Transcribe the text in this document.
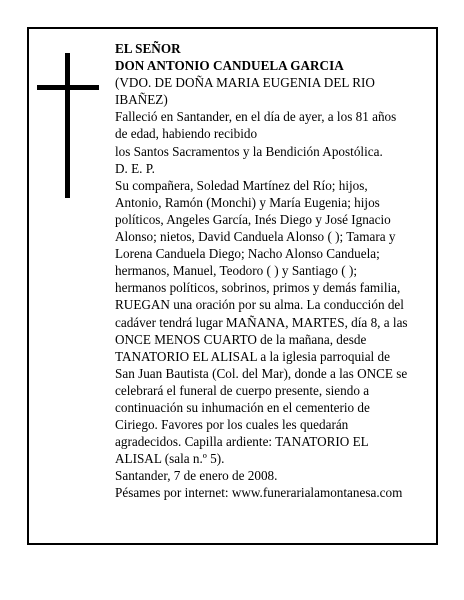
EL SEÑOR
DON ANTONIO CANDUELA GARCIA
(VDO. DE DOÑA MARIA EUGENIA DEL RIO
IBAÑEZ)
Falleció en Santander, en el día de ayer, a los 81 años
de edad, habiendo recibido
los Santos Sacramentos y la Bendición Apostólica.
D. E. P.
Su compañera, Soledad Martínez del Río; hijos,
Antonio, Ramón (Monchi) y María Eugenia; hijos
políticos, Angeles García, Inés Diego y José Ignacio
Alonso; nietos, David Canduela Alonso ( ); Tamara y
Lorena Canduela Diego; Nacho Alonso Canduela;
hermanos, Manuel, Teodoro ( ) y Santiago ( );
hermanos políticos, sobrinos, primos y demás familia,
RUEGAN una oración por su alma. La conducción del
cadáver tendrá lugar MAÑANA, MARTES, día 8, a las
ONCE MENOS CUARTO de la mañana, desde
TANATORIO EL ALISAL a la iglesia parroquial de
San Juan Bautista (Col. del Mar), donde a las ONCE se
celebrará el funeral de cuerpo presente, siendo a
continuación su inhumación en el cementerio de
Ciriego. Favores por los cuales les quedarán
agradecidos. Capilla ardiente: TANATORIO EL
ALISAL (sala n.º 5).
Santander, 7 de enero de 2008.
Pésames por internet: www.funerarialamontanesa.com
